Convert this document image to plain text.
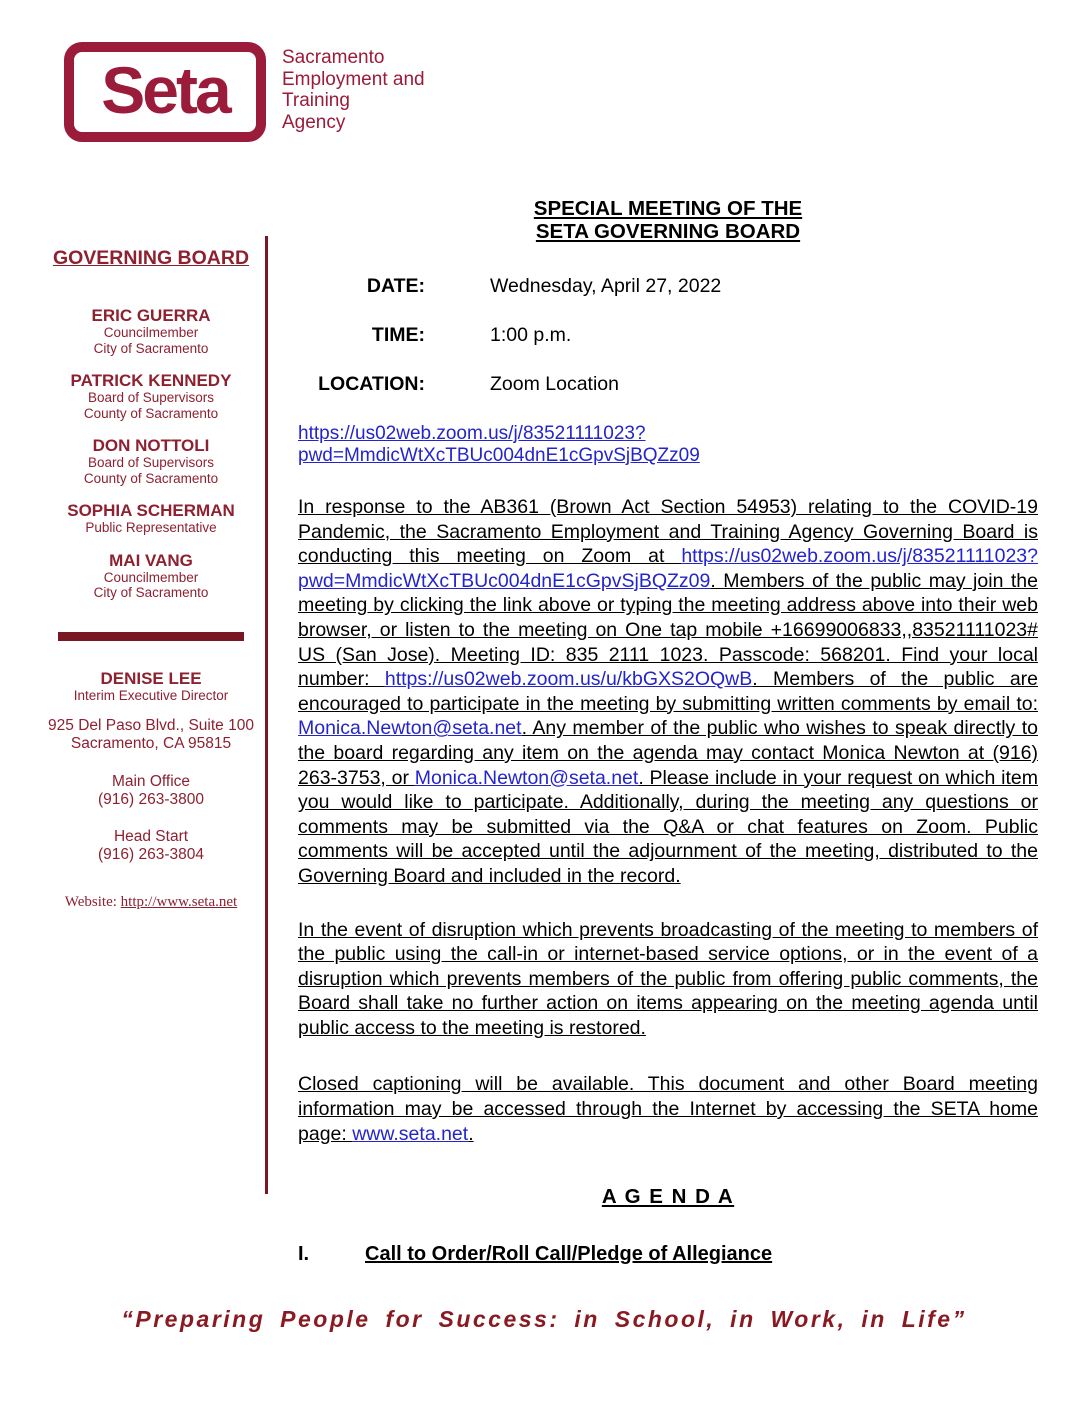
Seta	Sacramento
Employment and
Training
Agency
GOVERNING BOARD
ERIC GUERRA
Councilmember
City of Sacramento
PATRICK KENNEDY
Board of Supervisors
County of Sacramento
DON NOTTOLI
Board of Supervisors
County of Sacramento
SOPHIA SCHERMAN
Public Representative
MAI VANG
Councilmember
City of Sacramento
DENISE LEE
Interim Executive Director
925 Del Paso Blvd., Suite 100
Sacramento, CA 95815
Main Office
(916) 263-3800
Head Start
(916) 263-3804
Website: http://www.seta.net
SPECIAL MEETING OF THE
SETA GOVERNING BOARD
DATE:	Wednesday, April 27, 2022
TIME:	1:00 p.m.
LOCATION:	Zoom Location
https://us02web.zoom.us/j/83521111023?pwd=MmdicWtXcTBUc004dnE1cGpvSjBQZz09
In response to the AB361 (Brown Act Section 54953) relating to the COVID-19 Pandemic, the Sacramento Employment and Training Agency Governing Board is conducting this meeting on Zoom at https://us02web.zoom.us/j/83521111023?pwd=MmdicWtXcTBUc004dnE1cGpvSjBQZz09. Members of the public may join the meeting by clicking the link above or typing the meeting address above into their web browser, or listen to the meeting on One tap mobile +16699006833,,83521111023# US (San Jose). Meeting ID: 835 2111 1023. Passcode: 568201. Find your local number: https://us02web.zoom.us/u/kbGXS2OQwB. Members of the public are encouraged to participate in the meeting by submitting written comments by email to: Monica.Newton@seta.net. Any member of the public who wishes to speak directly to the board regarding any item on the agenda may contact Monica Newton at (916) 263-3753, or Monica.Newton@seta.net. Please include in your request on which item you would like to participate. Additionally, during the meeting any questions or comments may be submitted via the Q&A or chat features on Zoom. Public comments will be accepted until the adjournment of the meeting, distributed to the Governing Board and included in the record.
In the event of disruption which prevents broadcasting of the meeting to members of the public using the call-in or internet-based service options, or in the event of a disruption which prevents members of the public from offering public comments, the Board shall take no further action on items appearing on the meeting agenda until public access to the meeting is restored.
Closed captioning will be available. This document and other Board meeting information may be accessed through the Internet by accessing the SETA home page: www.seta.net.
A G E N D A
I.	Call to Order/Roll Call/Pledge of Allegiance
“Preparing People for Success: in School, in Work, in Life”
